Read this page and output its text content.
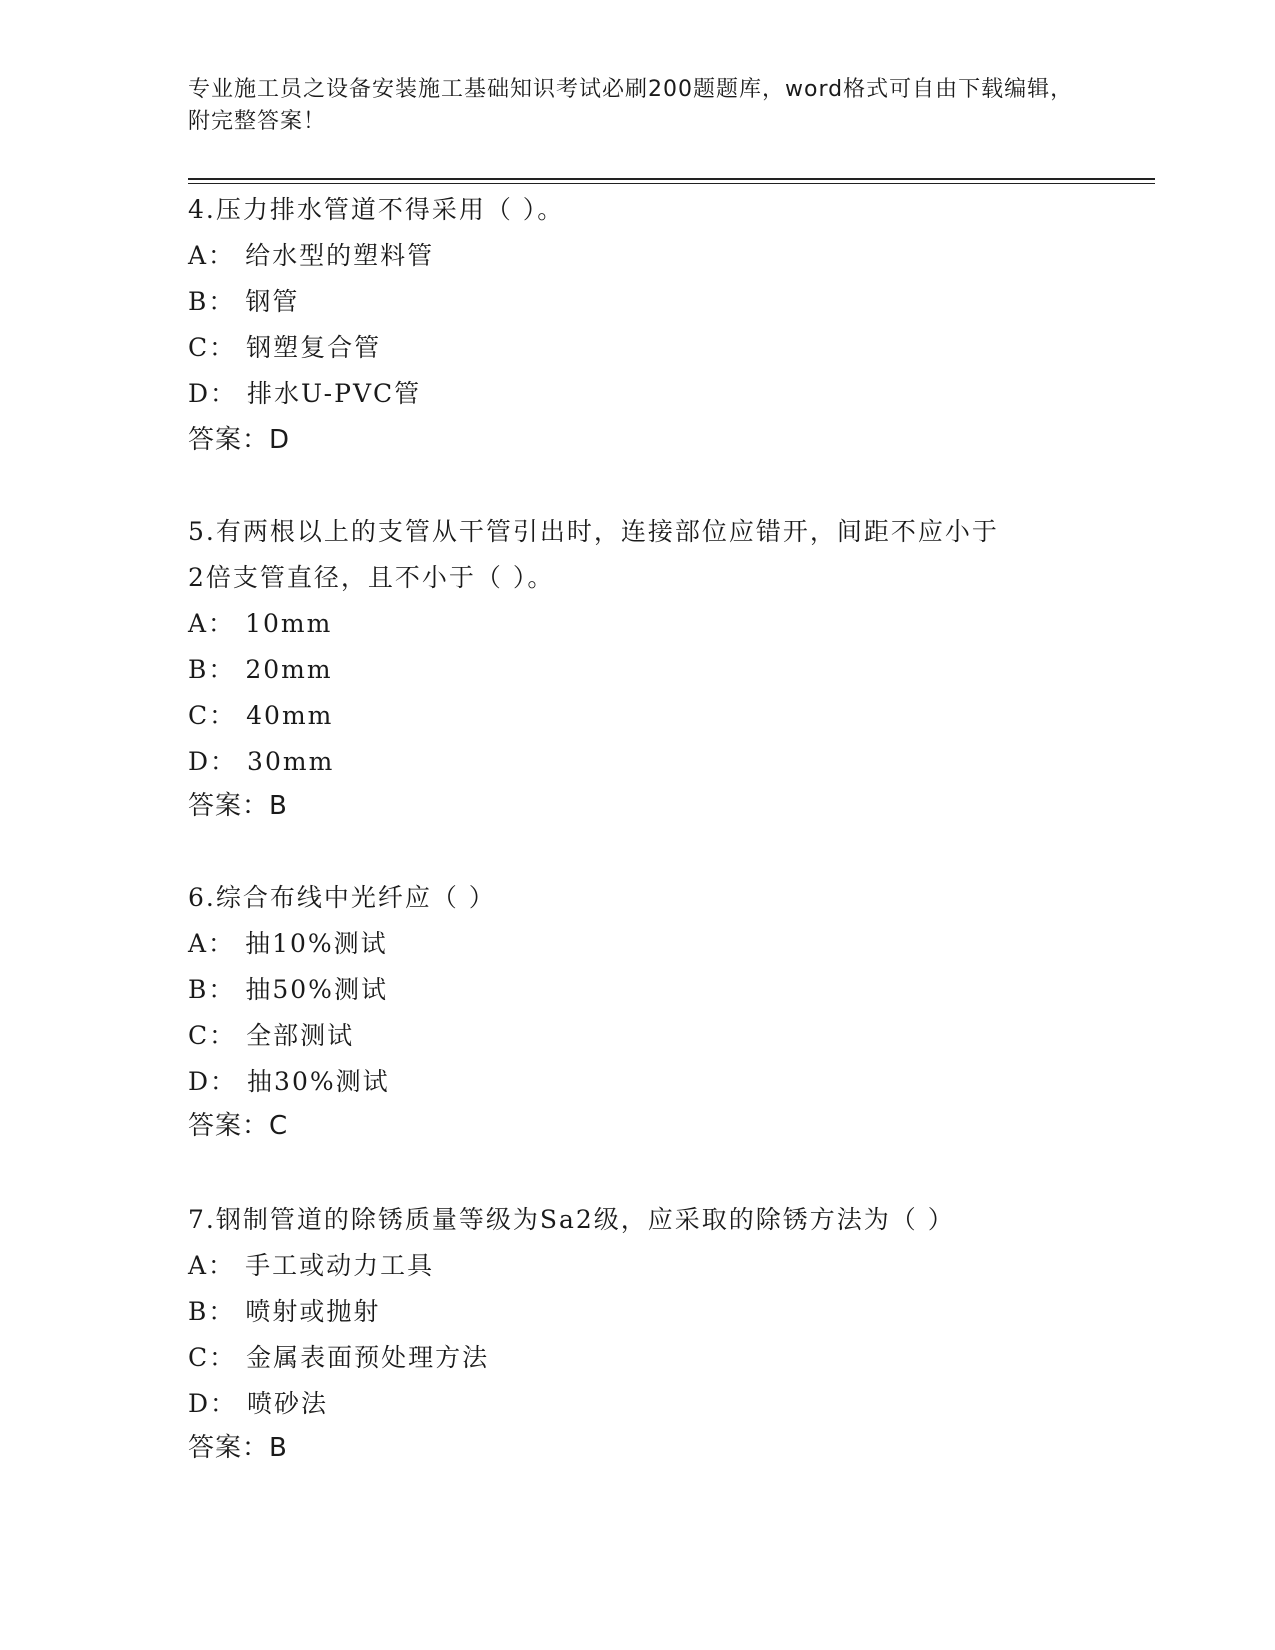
专业施工员之设备安装施工基础知识考试必刷200题题库，word格式可自由下载编辑，附完整答案！
4.压力排水管道不得采用（ ）。
A： 给水型的塑料管
B： 钢管
C： 钢塑复合管
D： 排水U-PVC管
答案：D
5.有两根以上的支管从干管引出时，连接部位应错开，间距不应小于
2倍支管直径，且不小于（ ）。
A： 10mm
B： 20mm
C： 40mm
D： 30mm
答案：B
6.综合布线中光纤应（ ）
A： 抽10%测试
B： 抽50%测试
C： 全部测试
D： 抽30%测试
答案：C
7.钢制管道的除锈质量等级为Sa2级，应采取的除锈方法为（ ）
A： 手工或动力工具
B： 喷射或抛射
C： 金属表面预处理方法
D： 喷砂法
答案：B
